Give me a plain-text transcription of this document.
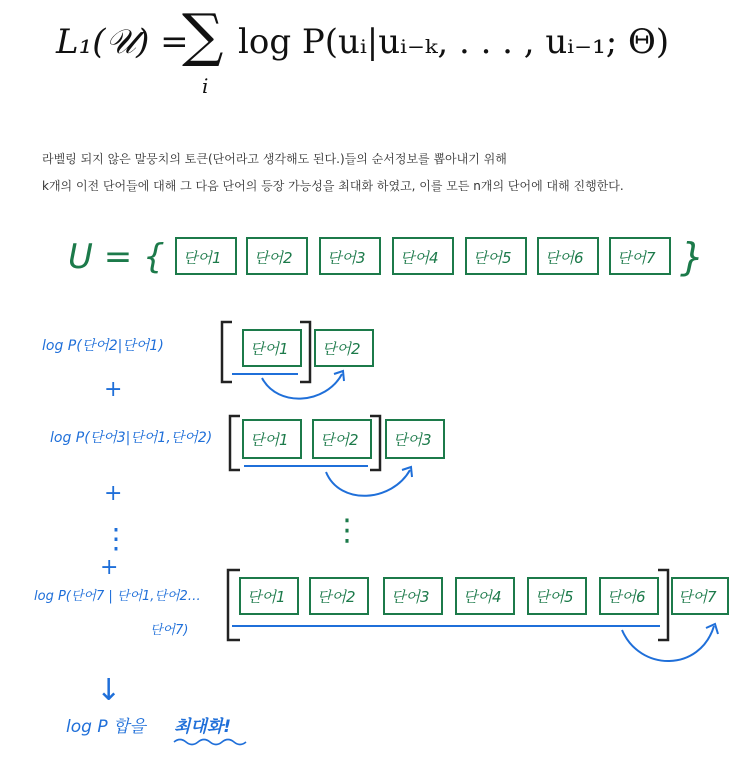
L₁(𝒰) =
∑
i
log P(uᵢ|uᵢ₋ₖ, . . . , uᵢ₋₁; Θ)
라벨링 되지 않은 말뭉치의 토큰(단어라고 생각해도 된다.)들의 순서정보를 뽑아내기 위해
k개의 이전 단어들에 대해 그 다음 단어의 등장 가능성을 최대화 하였고, 이를 모든 n개의 단어에 대해 진행한다.
U = { 단어1 단어2 단어3 단어4 단어5 단어6 단어7 }
log P(단어2|단어1)	단어1 단어2
+
log P(단어3|단어1,단어2)	단어1 단어2 단어3
+
⋮	⋮
+
log P(단어7 | 단어1,단어2…
단어7)
단어1 단어2 단어3 단어4 단어5 단어6 단어7
↓
log P 합을 최대화!
